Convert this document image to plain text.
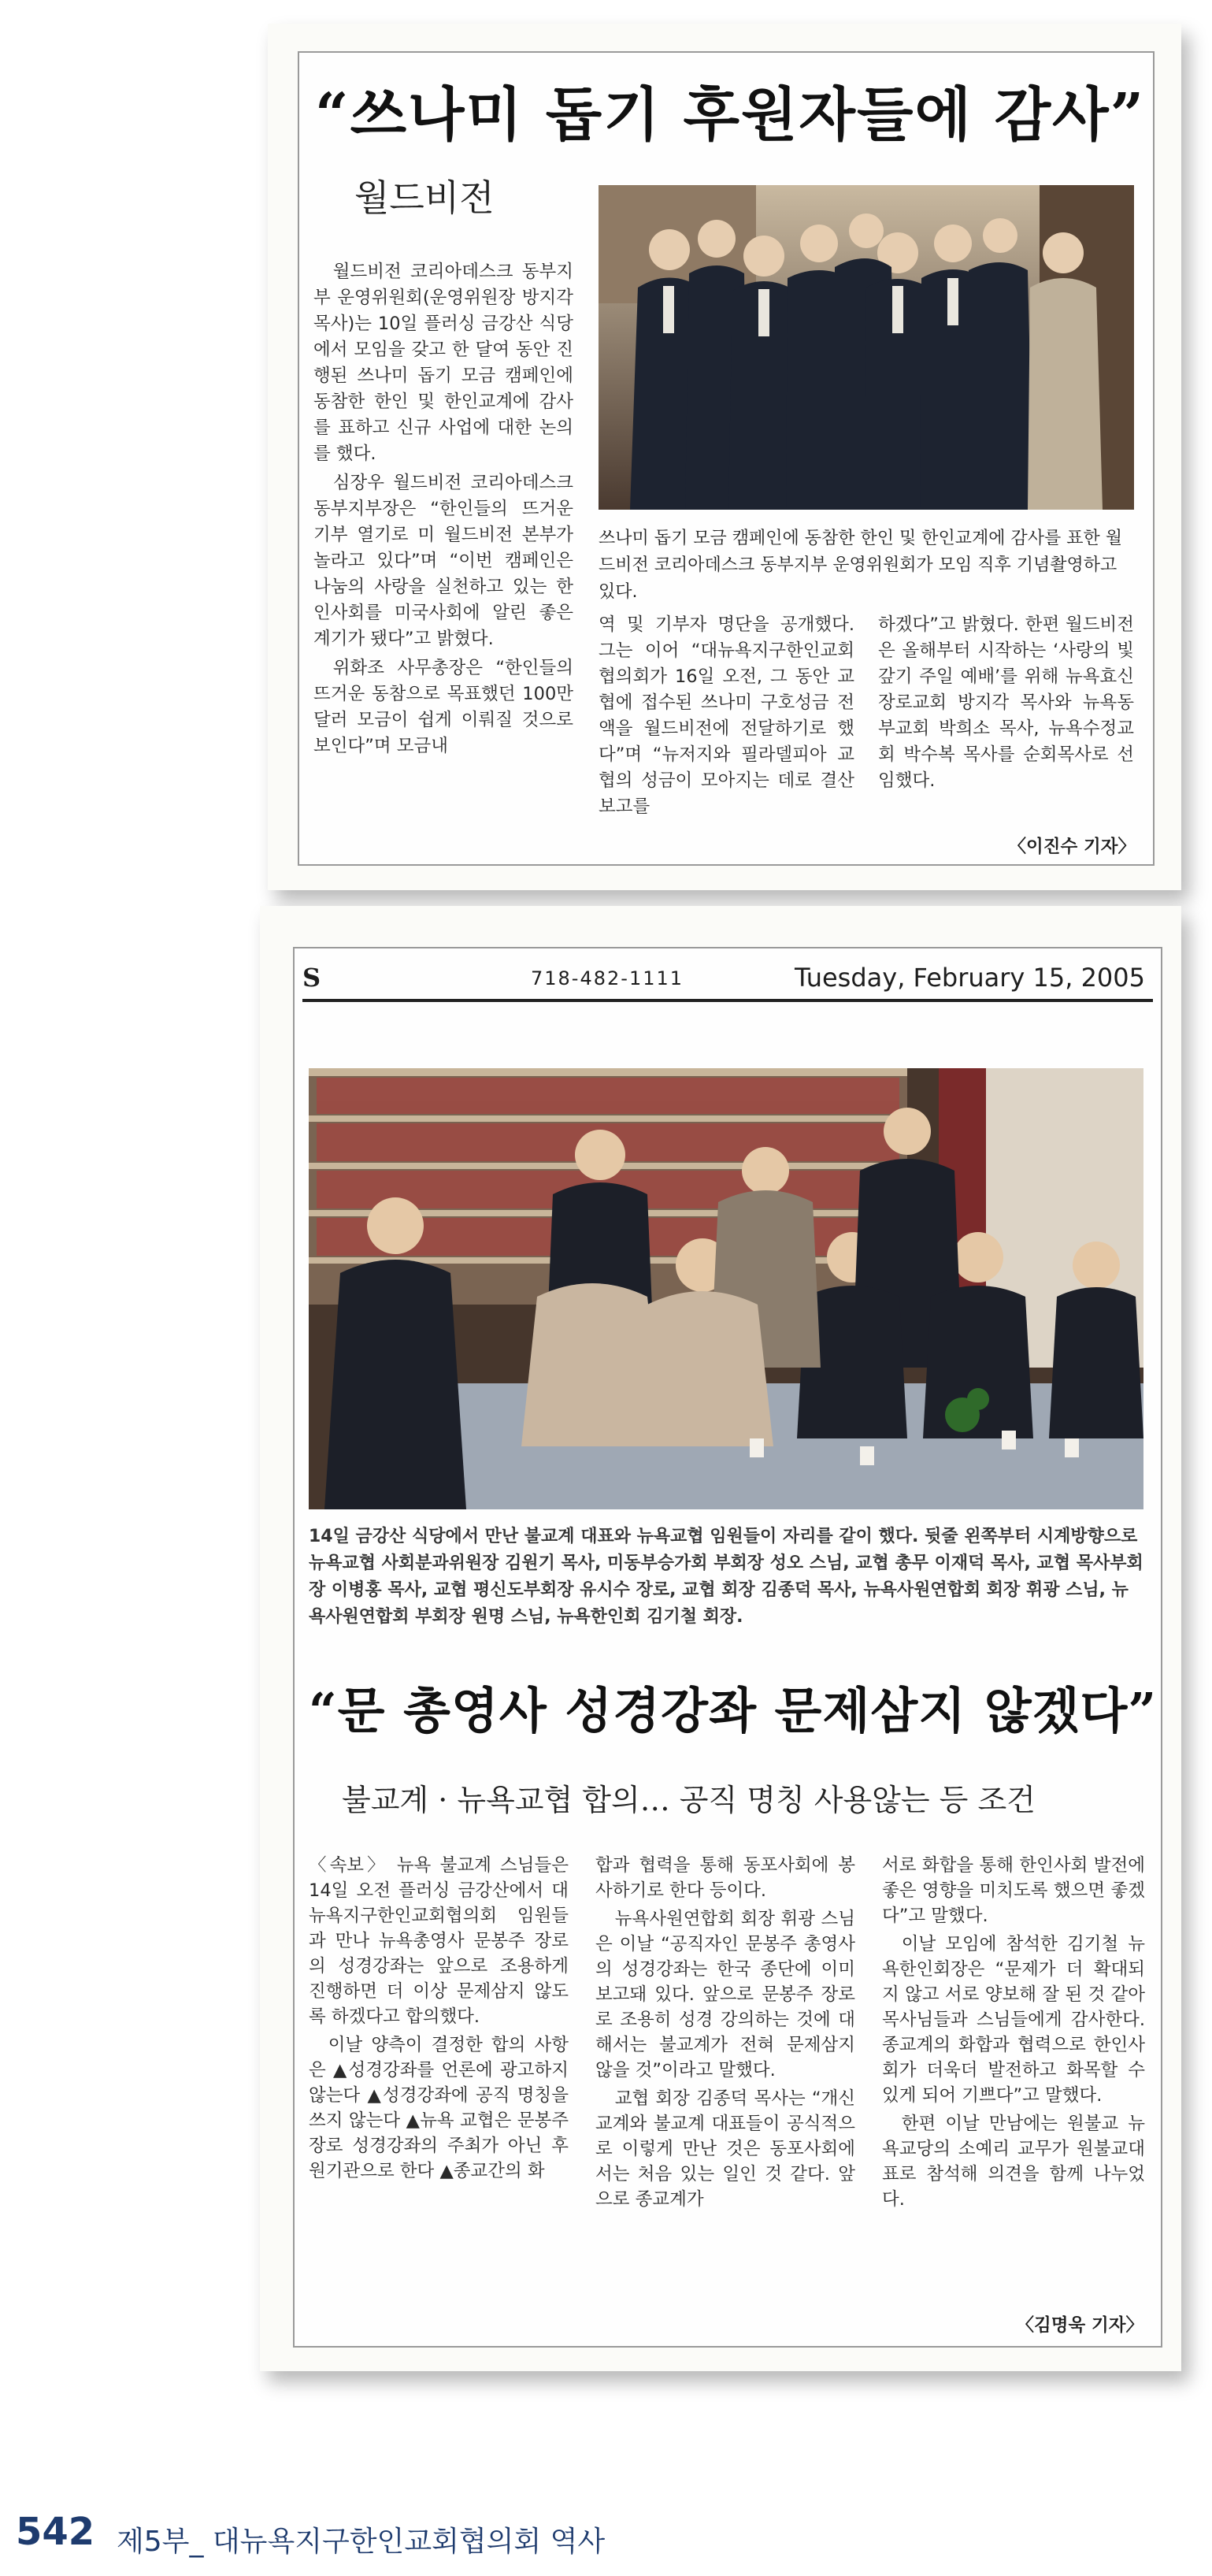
“쓰나미 돕기 후원자들에 감사”
월드비전

월드비전 코리아데스크 동부지부 운영위원회(운영위원장 방지각 목사)는 10일 플러싱 금강산 식당에서 모임을 갖고 한 달여 동안 진행된 쓰나미 돕기 모금 캠페인에 동참한 한인 및 한인교계에 감사를 표하고 신규 사업에 대한 논의를 했다.

심장우 월드비전 코리아데스크 동부지부장은 “한인들의 뜨거운 기부 열기로 미 월드비전 본부가 놀라고 있다”며 “이번 캠페인은 나눔의 사랑을 실천하고 있는 한인사회를 미국사회에 알린 좋은 계기가 됐다”고 밝혔다.

위화조 사무총장은 “한인들의 뜨거운 동참으로 목표했던 100만 달러 모금이 쉽게 이뤄질 것으로 보인다”며 모금내

쓰나미 돕기 모금 캠페인에 동참한 한인 및 한인교계에 감사를 표한 월드비전 코리아데스크 동부지부 운영위원회가 모임 직후 기념촬영하고 있다.

역 및 기부자 명단을 공개했다. 그는 이어 “대뉴욕지구한인교회협의회가 16일 오전, 그 동안 교협에 접수된 쓰나미 구호성금 전액을 월드비전에 전달하기로 했다”며 “뉴저지와 필라델피아 교협의 성금이 모아지는 데로 결산보고를

하겠다”고 밝혔다. 한편 월드비전은 올해부터 시작하는 ‘사랑의 빛 갚기 주일 예배’를 위해 뉴욕효신장로교회 방지각 목사와 뉴욕동부교회 박희소 목사, 뉴욕수정교회 박수복 목사를 순회목사로 선임했다.

〈이진수 기자〉
S	718-482-1111	Tuesday, February 15, 2005
14일 금강산 식당에서 만난 불교계 대표와 뉴욕교협 임원들이 자리를 같이 했다. 뒷줄 왼쪽부터 시계방향으로 뉴욕교협 사회분과위원장 김원기 목사, 미동부승가회 부회장 성오 스님, 교협 총무 이재덕 목사, 교협 목사부회장 이병홍 목사, 교협 평신도부회장 유시수 장로, 교협 회장 김종덕 목사, 뉴욕사원연합회 회장 휘광 스님, 뉴욕사원연합회 부회장 원명 스님, 뉴욕한인회 김기철 회장.
“문 총영사 성경강좌 문제삼지 않겠다”
불교계 · 뉴욕교협 합의… 공직 명칭 사용않는 등 조건

〈속보〉 뉴욕 불교계 스님들은 14일 오전 플러싱 금강산에서 대뉴욕지구한인교회협의회 임원들과 만나 뉴욕총영사 문봉주 장로의 성경강좌는 앞으로 조용하게 진행하면 더 이상 문제삼지 않도록 하겠다고 합의했다.

이날 양측이 결정한 합의 사항은 ▲성경강좌를 언론에 광고하지 않는다 ▲성경강좌에 공직 명칭을 쓰지 않는다 ▲뉴욕 교협은 문봉주 장로 성경강좌의 주최가 아닌 후원기관으로 한다 ▲종교간의 화

합과 협력을 통해 동포사회에 봉사하기로 한다 등이다.

뉴욕사원연합회 회장 휘광 스님은 이날 “공직자인 문봉주 총영사의 성경강좌는 한국 종단에 이미 보고돼 있다. 앞으로 문봉주 장로로 조용히 성경 강의하는 것에 대해서는 불교계가 전혀 문제삼지 않을 것”이라고 말했다.

교협 회장 김종덕 목사는 “개신교계와 불교계 대표들이 공식적으로 이렇게 만난 것은 동포사회에서는 처음 있는 일인 것 같다. 앞으로 종교계가

서로 화합을 통해 한인사회 발전에 좋은 영향을 미치도록 했으면 좋겠다”고 말했다.

이날 모임에 참석한 김기철 뉴욕한인회장은 “문제가 더 확대되지 않고 서로 양보해 잘 된 것 같아 목사님들과 스님들에게 감사한다. 종교계의 화합과 협력으로 한인사회가 더욱더 발전하고 화목할 수 있게 되어 기쁘다”고 말했다.

한편 이날 만남에는 원불교 뉴욕교당의 소예리 교무가 원불교대표로 참석해 의견을 함께 나누었다.

〈김명욱 기자〉
542 제5부_ 대뉴욕지구한인교회협의회 역사
